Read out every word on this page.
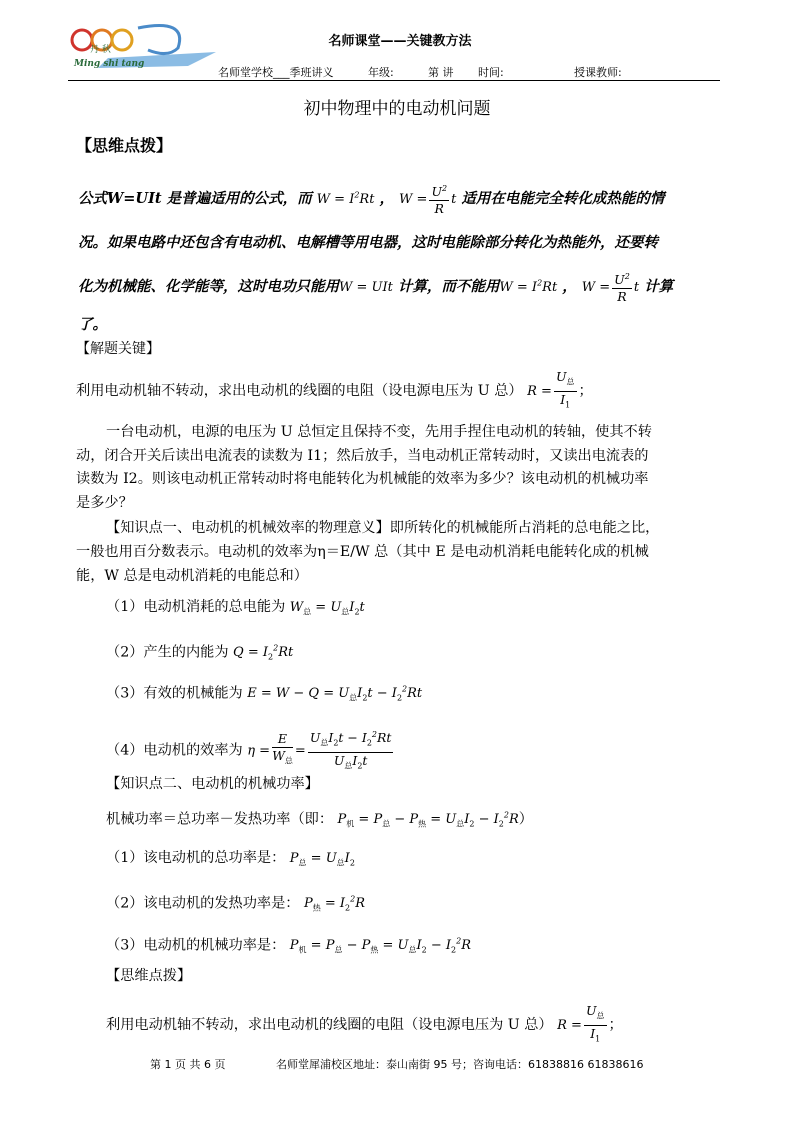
丹 秋
Ming shi tang
名师课堂——关键教方法
名师堂学校___季班讲义	年级:	第 讲 时间:	授课教师:
初中物理中的电动机问题
【思维点拨】
公式W=UIt 是普遍适用的公式，而 $W = I^2Rt$ ， $W = \frac{U^2}{R}$ t 适用在电能完全转化成热能的情
况。如果电路中还包含有电动机、电解槽等用电器，这时电能除部分转化为热能外，还要转
化为机械能、化学能等，这时电功只能用W = UIt 计算，而不能用$W = I^2Rt$ ， $W = \frac{U^2}{R}$ t 计算
了。
【解题关键】
利用电动机轴不转动，求出电动机的线圈的电阻（设电源电压为 U 总） $R = \frac{U_总}{I_1}$ ；
一台电动机，电源的电压为 U 总恒定且保持不变，先用手捏住电动机的转轴，使其不转
动，闭合开关后读出电流表的读数为 I1；然后放手，当电动机正常转动时，又读出电流表的
读数为 I2。则该电动机正常转动时将电能转化为机械能的效率为多少？该电动机的机械功率
是多少？
【知识点一、电动机的机械效率的物理意义】即所转化的机械能所占消耗的总电能之比，
一般也用百分数表示。电动机的效率为η＝E/W 总（其中 E 是电动机消耗电能转化成的机械
能，W 总是电动机消耗的电能总和）
（1）电动机消耗的总电能为 $W_总 = U_总I_2t$
（2）产生的内能为 $Q = I_2^2Rt$
（3）有效的机械能为 $E = W - Q = U_总I_2t - I_2^2Rt$
（4）电动机的效率为 $\eta = \frac{E}{W_总} = \frac{U_总I_2t - I_2^2Rt}{U_总I_2t}$
【知识点二、电动机的机械功率】
机械功率＝总功率－发热功率（即： $P_机 = P_总 - P_热 = U_总I_2 - I_2^2R$）
（1）该电动机的总功率是： $P_总 = U_总I_2$
（2）该电动机的发热功率是： $P_热 = I_2^2R$
（3）电动机的机械功率是： $P_机 = P_总 - P_热 = U_总I_2 - I_2^2R$
【思维点拨】
利用电动机轴不转动，求出电动机的线圈的电阻（设电源电压为 U 总） $R = \frac{U_总}{I_1}$ ；
第 1 页 共 6 页	名师堂犀浦校区地址：泰山南街 95 号；咨询电话：61838816 61838616
